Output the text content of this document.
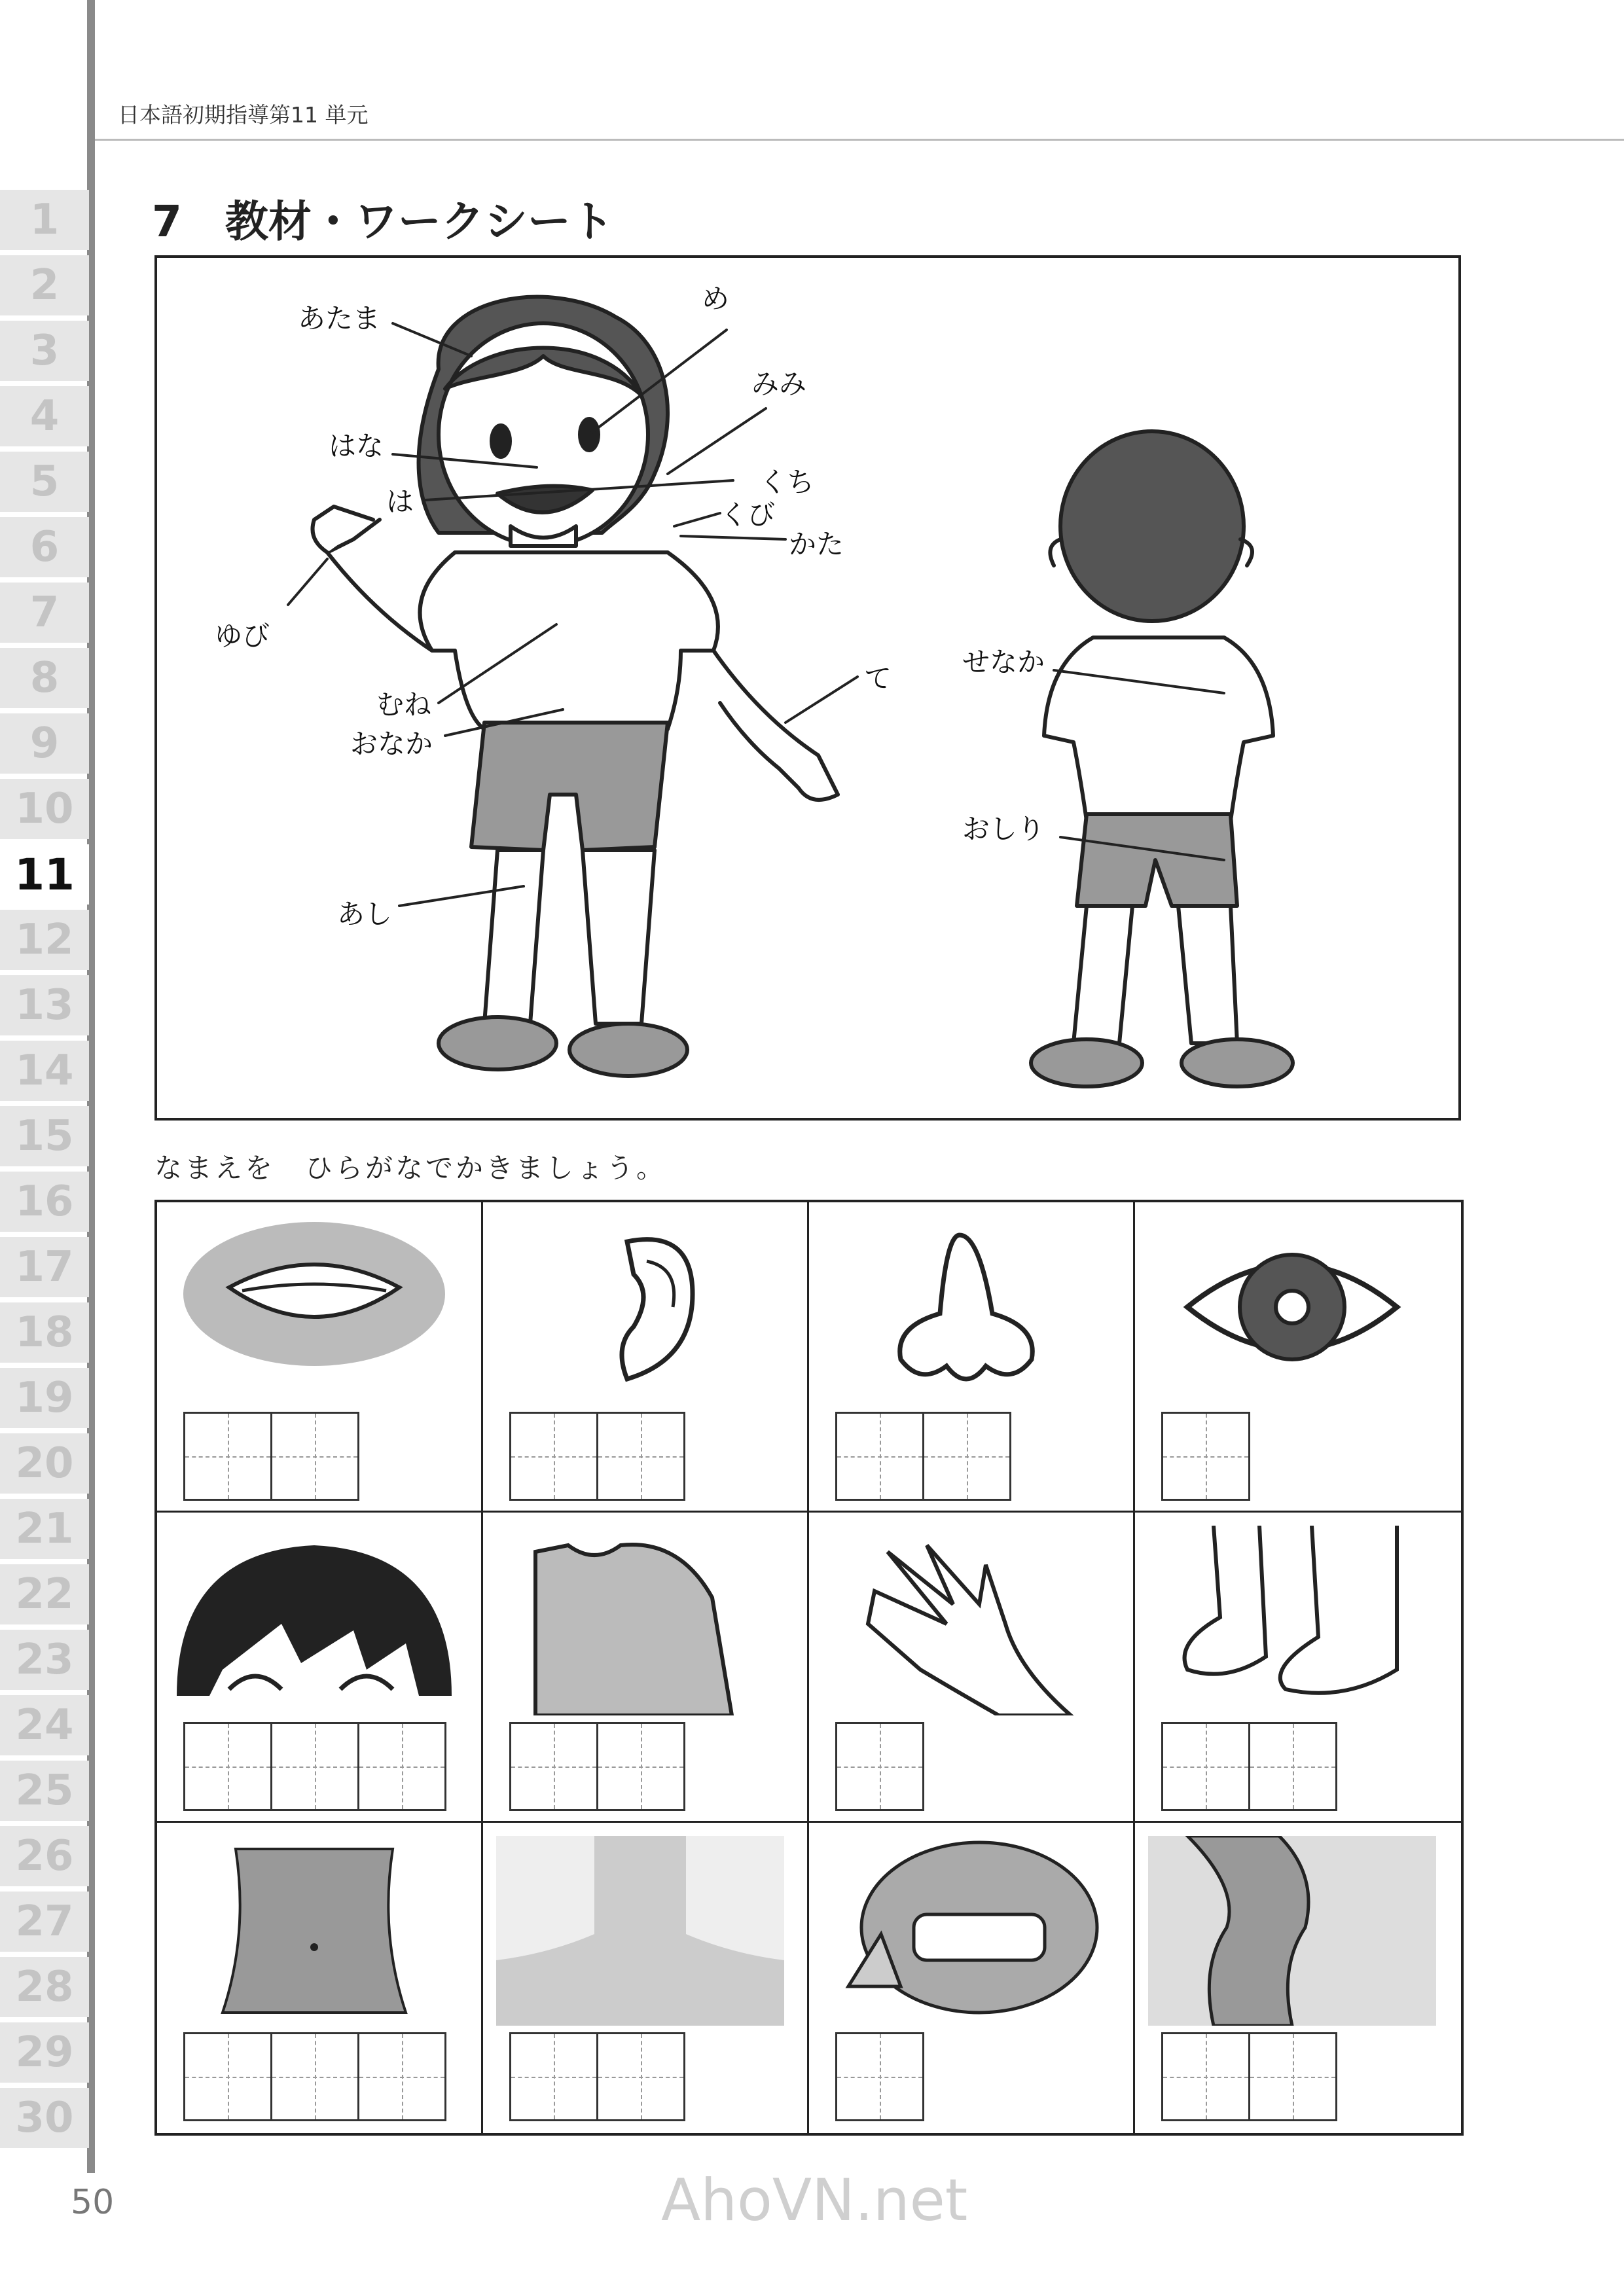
日本語初期指導第11 単元
1
2
3
4
5
6
7
8
9
10
11
12
13
14
15
16
17
18
19
20
21
22
23
24
25
26
27
28
29
30
7　教材・ワークシート
あたま
め
みみ
はな
くち
は	くび
かた
ゆび
て
むね
おなか
あし
せなか
おしり
なまえを　ひらがなでかきましょう。
50	AhoVN.net
